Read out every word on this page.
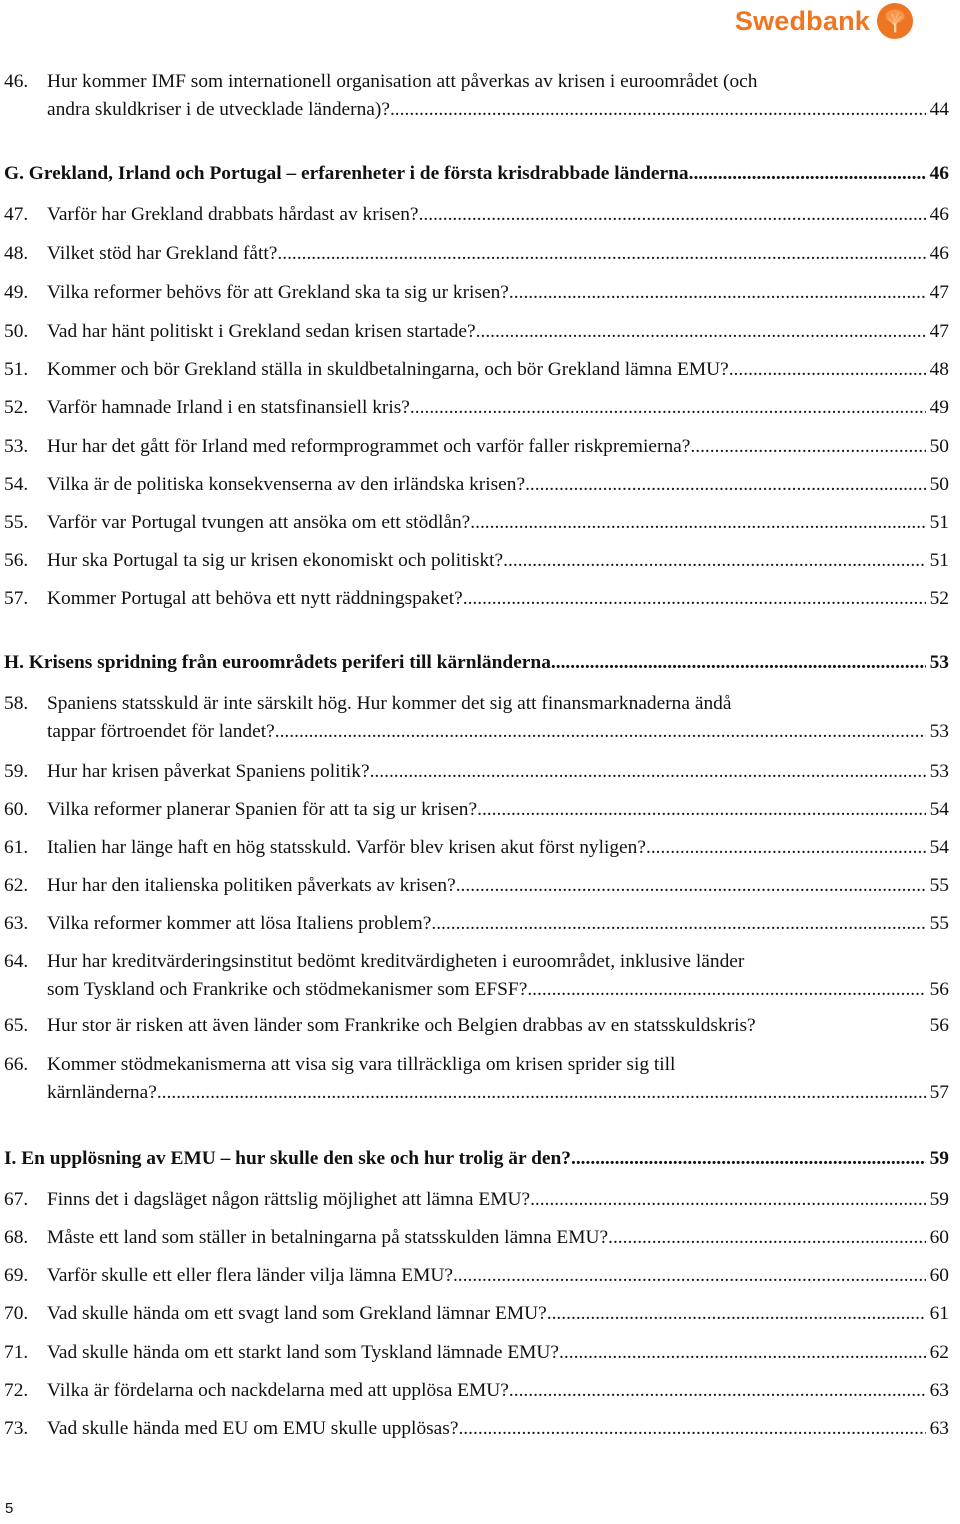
Swedbank
46. Hur kommer IMF som internationell organisation att påverkas av krisen i euroområdet (och
andra skuldkriser i de utvecklade länderna)? .....	44
G. Grekland, Irland och Portugal – erfarenheter i de första krisdrabbade länderna .....	46
47. Varför har Grekland drabbats hårdast av krisen? .....	46
48. Vilket stöd har Grekland fått? .....	46
49. Vilka reformer behövs för att Grekland ska ta sig ur krisen? .....	47
50. Vad har hänt politiskt i Grekland sedan krisen startade? .....	47
51. Kommer och bör Grekland ställa in skuldbetalningarna, och bör Grekland lämna EMU? .....	48
52. Varför hamnade Irland i en statsfinansiell kris? .....	49
53. Hur har det gått för Irland med reformprogrammet och varför faller riskpremierna? .....	50
54. Vilka är de politiska konsekvenserna av den irländska krisen? .....	50
55. Varför var Portugal tvungen att ansöka om ett stödlån? .....	51
56. Hur ska Portugal ta sig ur krisen ekonomiskt och politiskt? .....	51
57. Kommer Portugal att behöva ett nytt räddningspaket? .....	52
H. Krisens spridning från euroområdets periferi till kärnländerna .....	53
58. Spaniens statsskuld är inte särskilt hög. Hur kommer det sig att finansmarknaderna ändå
tappar förtroendet för landet? .....	53
59. Hur har krisen påverkat Spaniens politik? .....	53
60. Vilka reformer planerar Spanien för att ta sig ur krisen? .....	54
61. Italien har länge haft en hög statsskuld. Varför blev krisen akut först nyligen? .....	54
62. Hur har den italienska politiken påverkats av krisen? .....	55
63. Vilka reformer kommer att lösa Italiens problem? .....	55
64. Hur har kreditvärderingsinstitut bedömt kreditvärdigheten i euroområdet, inklusive länder
som Tyskland och Frankrike och stödmekanismer som EFSF? .....	56
65. Hur stor är risken att även länder som Frankrike och Belgien drabbas av en statsskuldskris?	56
66. Kommer stödmekanismerna att visa sig vara tillräckliga om krisen sprider sig till
kärnländerna? .....	57
I. En upplösning av EMU – hur skulle den ske och hur trolig är den? .....	59
67. Finns det i dagsläget någon rättslig möjlighet att lämna EMU? .....	59
68. Måste ett land som ställer in betalningarna på statsskulden lämna EMU? .....	60
69. Varför skulle ett eller flera länder vilja lämna EMU? .....	60
70. Vad skulle hända om ett svagt land som Grekland lämnar EMU? .....	61
71. Vad skulle hända om ett starkt land som Tyskland lämnade EMU? .....	62
72. Vilka är fördelarna och nackdelarna med att upplösa EMU? .....	63
73. Vad skulle hända med EU om EMU skulle upplösas? .....	63
5
